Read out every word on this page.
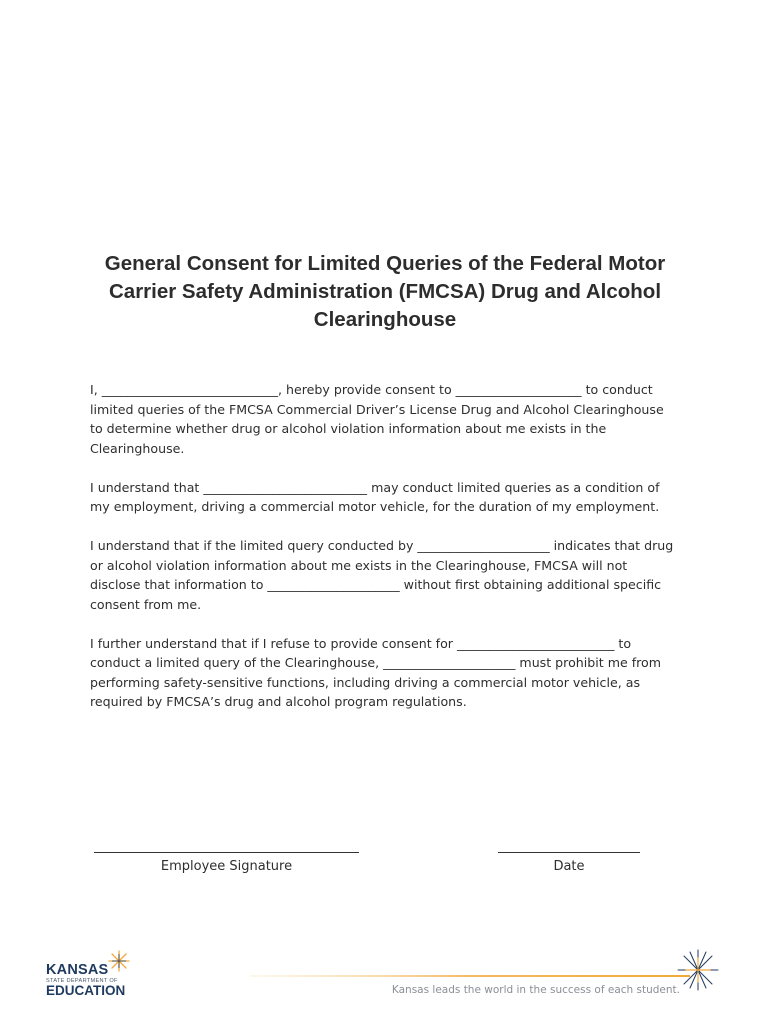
General Consent for Limited Queries of the Federal Motor Carrier Safety Administration (FMCSA) Drug and Alcohol Clearinghouse

I, ____________________________, hereby provide consent to ____________________ to conduct limited queries of the FMCSA Commercial Driver’s License Drug and Alcohol Clearinghouse to determine whether drug or alcohol violation information about me exists in the Clearinghouse.

I understand that __________________________ may conduct limited queries as a condition of my employment, driving a commercial motor vehicle, for the duration of my employment.

I understand that if the limited query conducted by _____________________ indicates that drug or alcohol violation information about me exists in the Clearinghouse, FMCSA will not disclose that information to _____________________ without first obtaining additional specific consent from me.

I further understand that if I refuse to provide consent for _________________________ to conduct a limited query of the Clearinghouse, _____________________ must prohibit me from performing safety-sensitive functions, including driving a commercial motor vehicle, as required by FMCSA’s drug and alcohol program regulations.

Employee Signature	Date
KANSAS
STATE DEPARTMENT OF
EDUCATION	Kansas leads the world in the success of each student.
